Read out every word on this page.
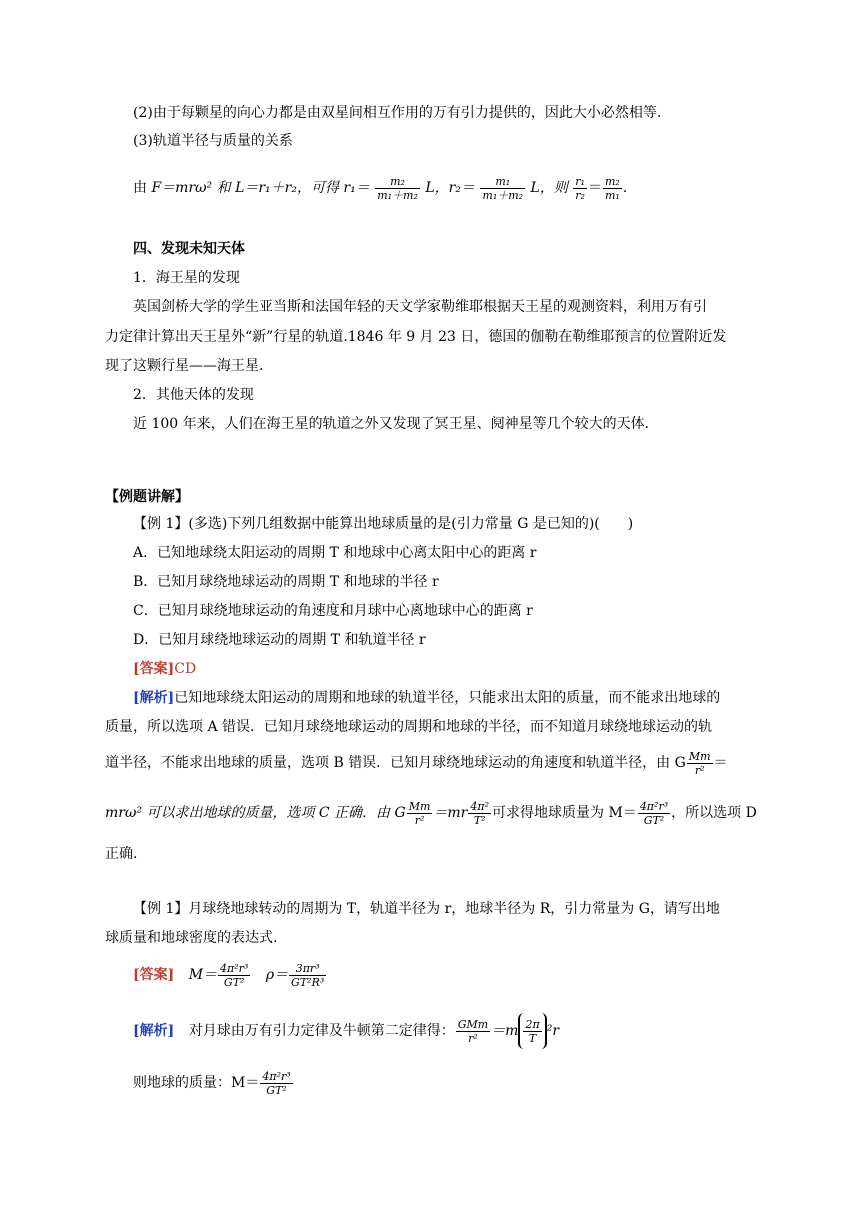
(2)由于每颗星的向心力都是由双星间相互作用的万有引力提供的，因此大小必然相等.
(3)轨道半径与质量的关系
由 F＝mrω² 和 L＝r₁＋r₂，可得 $r_1= \frac{\text{m₂}}{\text{m₁＋m₂}}$ L，$r_2= \frac{\text{m₁}}{\text{m₁＋m₂}}$ L，则 $\frac{\text{r₁}}{\text{r₂}} = \frac{\text{m₂}}{\text{m₁}}$ .
四、发现未知天体
1．海王星的发现
英国剑桥大学的学生亚当斯和法国年轻的天文学家勒维耶根据天王星的观测资料，利用万有引
力定律计算出天王星外“新”行星的轨道.1846 年 9 月 23 日，德国的伽勒在勒维耶预言的位置附近发
现了这颗行星——海王星.
2．其他天体的发现
近 100 年来，人们在海王星的轨道之外又发现了冥王星、阋神星等几个较大的天体.
【例题讲解】
【例 1】(多选)下列几组数据中能算出地球质量的是(引力常量 G 是已知的)(　　)
A．已知地球绕太阳运动的周期 T 和地球中心离太阳中心的距离 r
B．已知月球绕地球运动的周期 T 和地球的半径 r
C．已知月球绕地球运动的角速度和月球中心离地球中心的距离 r
D．已知月球绕地球运动的周期 T 和轨道半径 r
[答案]CD
[解析]已知地球绕太阳运动的周期和地球的轨道半径，只能求出太阳的质量，而不能求出地球的
质量，所以选项 A 错误．已知月球绕地球运动的周期和地球的半径，而不知道月球绕地球运动的轨
道半径，不能求出地球的质量，选项 B 错误．已知月球绕地球运动的角速度和轨道半径，由 G $\frac{Mm}{\text{r²}}$ ＝
mrω² 可以求出地球的质量，选项 C 正确．由 G $\frac{Mm}{\text{r²}} =mr \frac{\text{4π²}}{\text{T²}}$ 可求得地球质量为 $M= \frac{\text{4π²r³}}{\text{GT²}}$ ，所以选项 D
正确.
【例 1】月球绕地球转动的周期为 T，轨道半径为 r，地球半径为 R，引力常量为 G，请写出地
球质量和地球密度的表达式.
[答案] $M= \frac{\text{4π²r³}}{\text{GT²}} \rho= \frac{\text{3πr³}}{\text{GT²R³}}$
[解析] 对月球由万有引力定律及牛顿第二定律得： $\frac{\text{GMm}}{\text{r²}} =m \frac{2\pi}{T} ^2r$
则地球的质量：$M= \frac{\text{4π²r³}}{\text{GT²}}$
